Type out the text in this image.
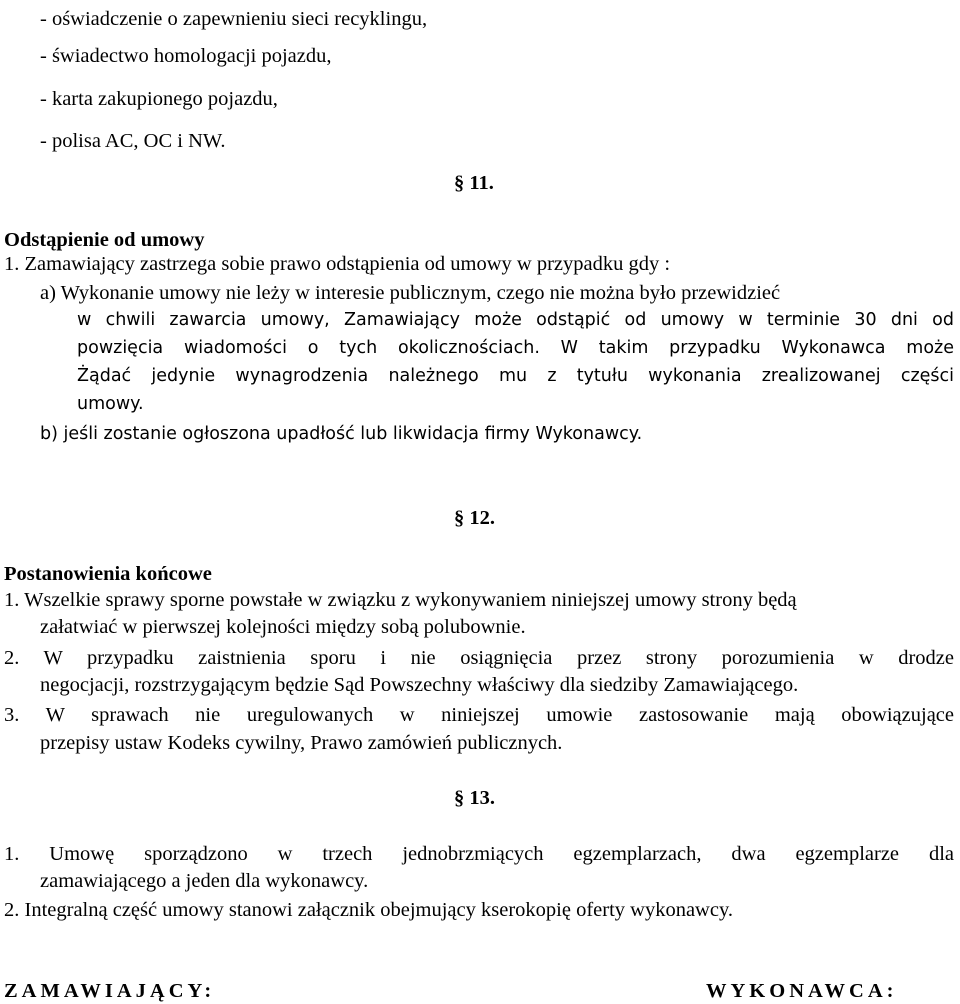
- oświadczenie o zapewnieniu sieci recyklingu,

- świadectwo homologacji pojazdu,

- karta zakupionego pojazdu,

- polisa AC, OC i NW.

§ 11.

Odstąpienie od umowy

1. Zamawiający zastrzega sobie prawo odstąpienia od umowy w przypadku gdy :

a) Wykonanie umowy nie leży w interesie publicznym, czego nie można było przewidzieć

w chwili zawarcia umowy, Zamawiający może odstąpić od umowy w terminie 30 dni od

powzięcia wiadomości o tych okolicznościach. W takim przypadku Wykonawca może

Żądać jedynie wynagrodzenia należnego mu z tytułu wykonania zrealizowanej części

umowy.

b) jeśli zostanie ogłoszona upadłość lub likwidacja firmy Wykonawcy.

§ 12.

Postanowienia końcowe

1. Wszelkie sprawy sporne powstałe w związku z wykonywaniem niniejszej umowy strony będą

załatwiać w pierwszej kolejności między sobą polubownie.

2. W przypadku zaistnienia sporu i nie osiągnięcia przez strony porozumienia w drodze

negocjacji, rozstrzygającym będzie Sąd Powszechny właściwy dla siedziby Zamawiającego.

3. W sprawach nie uregulowanych w niniejszej umowie zastosowanie mają obowiązujące

przepisy ustaw Kodeks cywilny, Prawo zamówień publicznych.

§ 13.

1. Umowę sporządzono w trzech jednobrzmiących egzemplarzach, dwa egzemplarze dla

zamawiającego a jeden dla wykonawcy.

2. Integralną część umowy stanowi załącznik obejmujący kserokopię oferty wykonawcy.

ZAMAWIAJĄCY:	WYKONAWCA:
